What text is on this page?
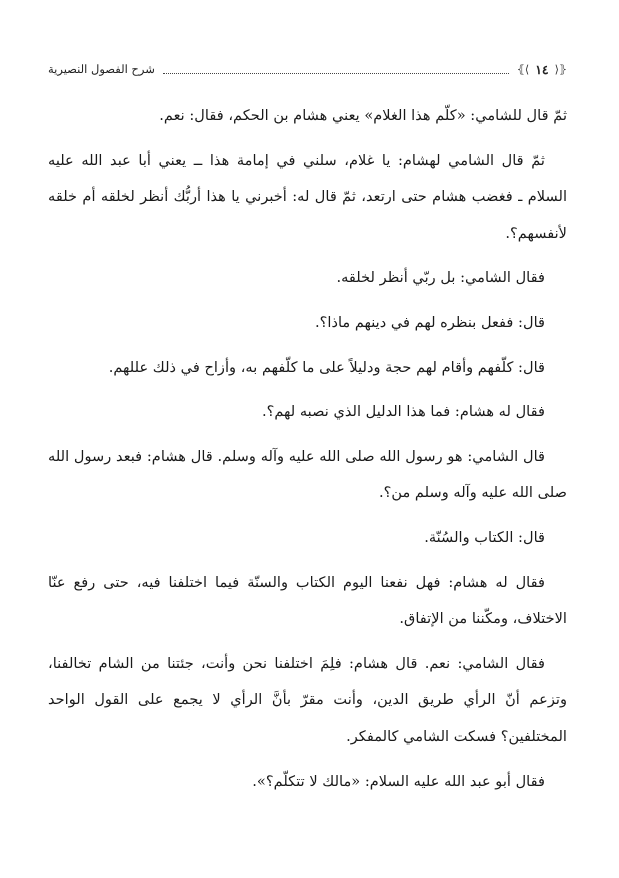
⦃⟨
١٤
⟩⦄
شرح الفصول النصيرية

ثمّ قال للشامي: «كلّم هذا الغلام» يعني هشام بن الحكم، فقال: نعم.

ثمّ قال الشامي لهشام: يا غلام، سلني في إمامة هذا ــ يعني أبا عبد الله عليه السلام ـ فغضب هشام حتى ارتعد، ثمّ قال له: أخبرني يا هذا أربُّك أنظر لخلقه أم خلقه لأنفسهم؟.

فقال الشامي: بل ربّي أنظر لخلقه.

قال: ففعل بنظره لهم في دينهم ماذا؟.

قال: كلّفهم وأقام لهم حجة ودليلاً على ما كلّفهم به، وأزاح في ذلك عللهم.

فقال له هشام: فما هذا الدليل الذي نصبه لهم؟.

قال الشامي: هو رسول الله صلى الله عليه وآله وسلم. قال هشام: فبعد رسول الله صلى الله عليه وآله وسلم من؟.

قال: الكتاب والسُنّة.

فقال له هشام: فهل نفعنا اليوم الكتاب والسنّة فيما اختلفنا فيه، حتى رفع عنّا الاختلاف، ومكّننا من الإتفاق.

فقال الشامي: نعم. قال هشام: فلِمَ اختلفنا نحن وأنت، جئتنا من الشام تخالفنا، وتزعم أنّ الرأي طريق الدين، وأنت مقرّ بأنَّ الرأي لا يجمع على القول الواحد المختلفين؟ فسكت الشامي كالمفكر.

فقال أبو عبد الله عليه السلام: «مالك لا تتكلّم؟».
